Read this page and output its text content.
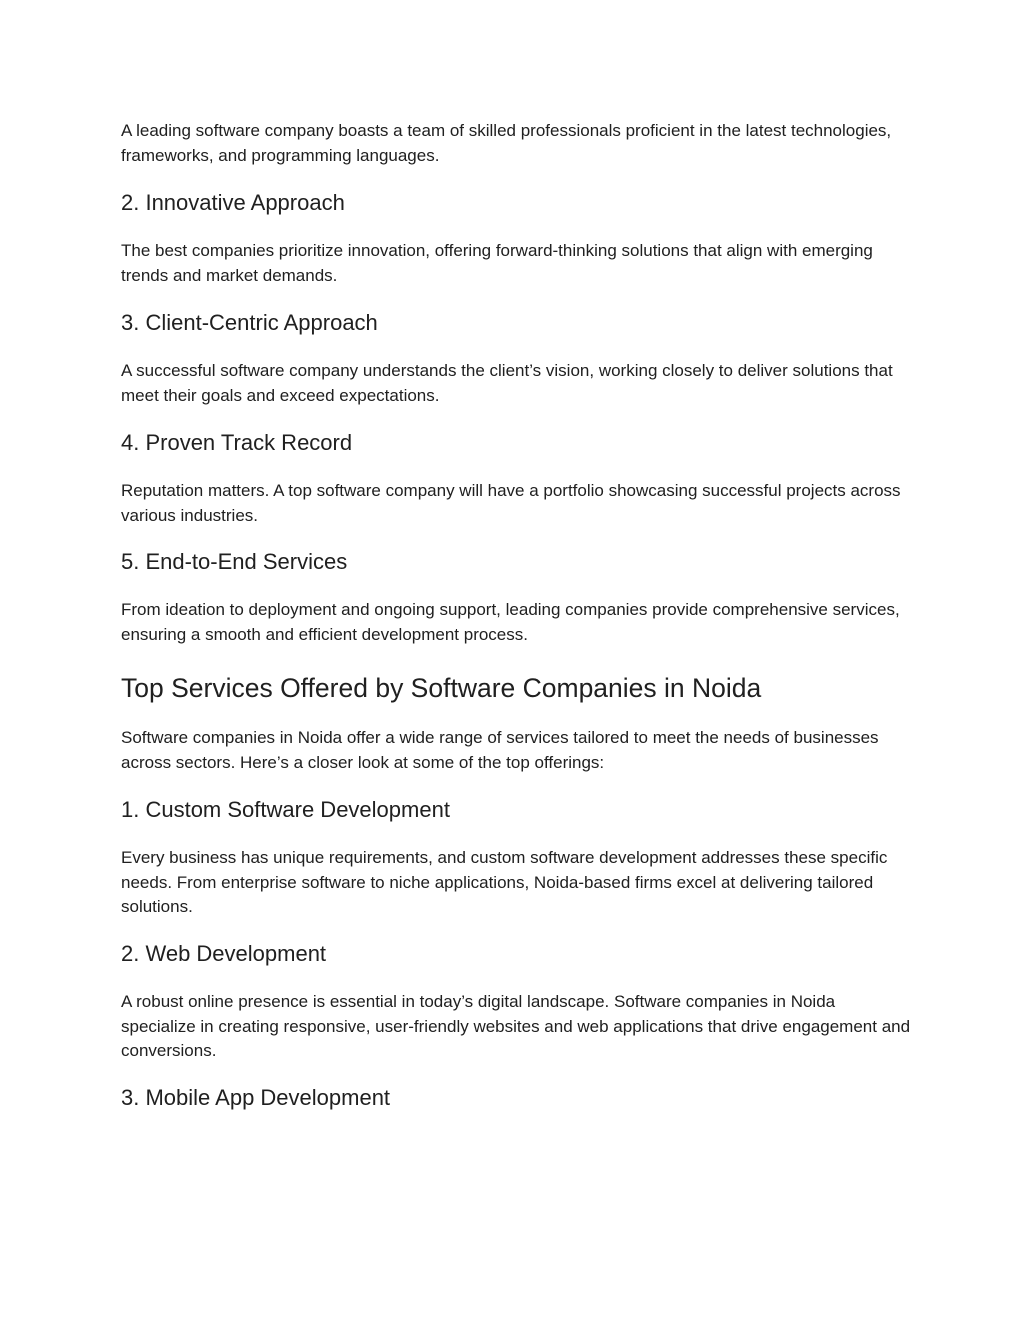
A leading software company boasts a team of skilled professionals proficient in the latest technologies, frameworks, and programming languages.

2. Innovative Approach

The best companies prioritize innovation, offering forward-thinking solutions that align with emerging trends and market demands.

3. Client-Centric Approach

A successful software company understands the client’s vision, working closely to deliver solutions that meet their goals and exceed expectations.

4. Proven Track Record

Reputation matters. A top software company will have a portfolio showcasing successful projects across various industries.

5. End-to-End Services

From ideation to deployment and ongoing support, leading companies provide comprehensive services, ensuring a smooth and efficient development process.

Top Services Offered by Software Companies in Noida

Software companies in Noida offer a wide range of services tailored to meet the needs of businesses across sectors. Here’s a closer look at some of the top offerings:

1. Custom Software Development

Every business has unique requirements, and custom software development addresses these specific needs. From enterprise software to niche applications, Noida-based firms excel at delivering tailored solutions.

2. Web Development

A robust online presence is essential in today’s digital landscape. Software companies in Noida specialize in creating responsive, user-friendly websites and web applications that drive engagement and conversions.

3. Mobile App Development
